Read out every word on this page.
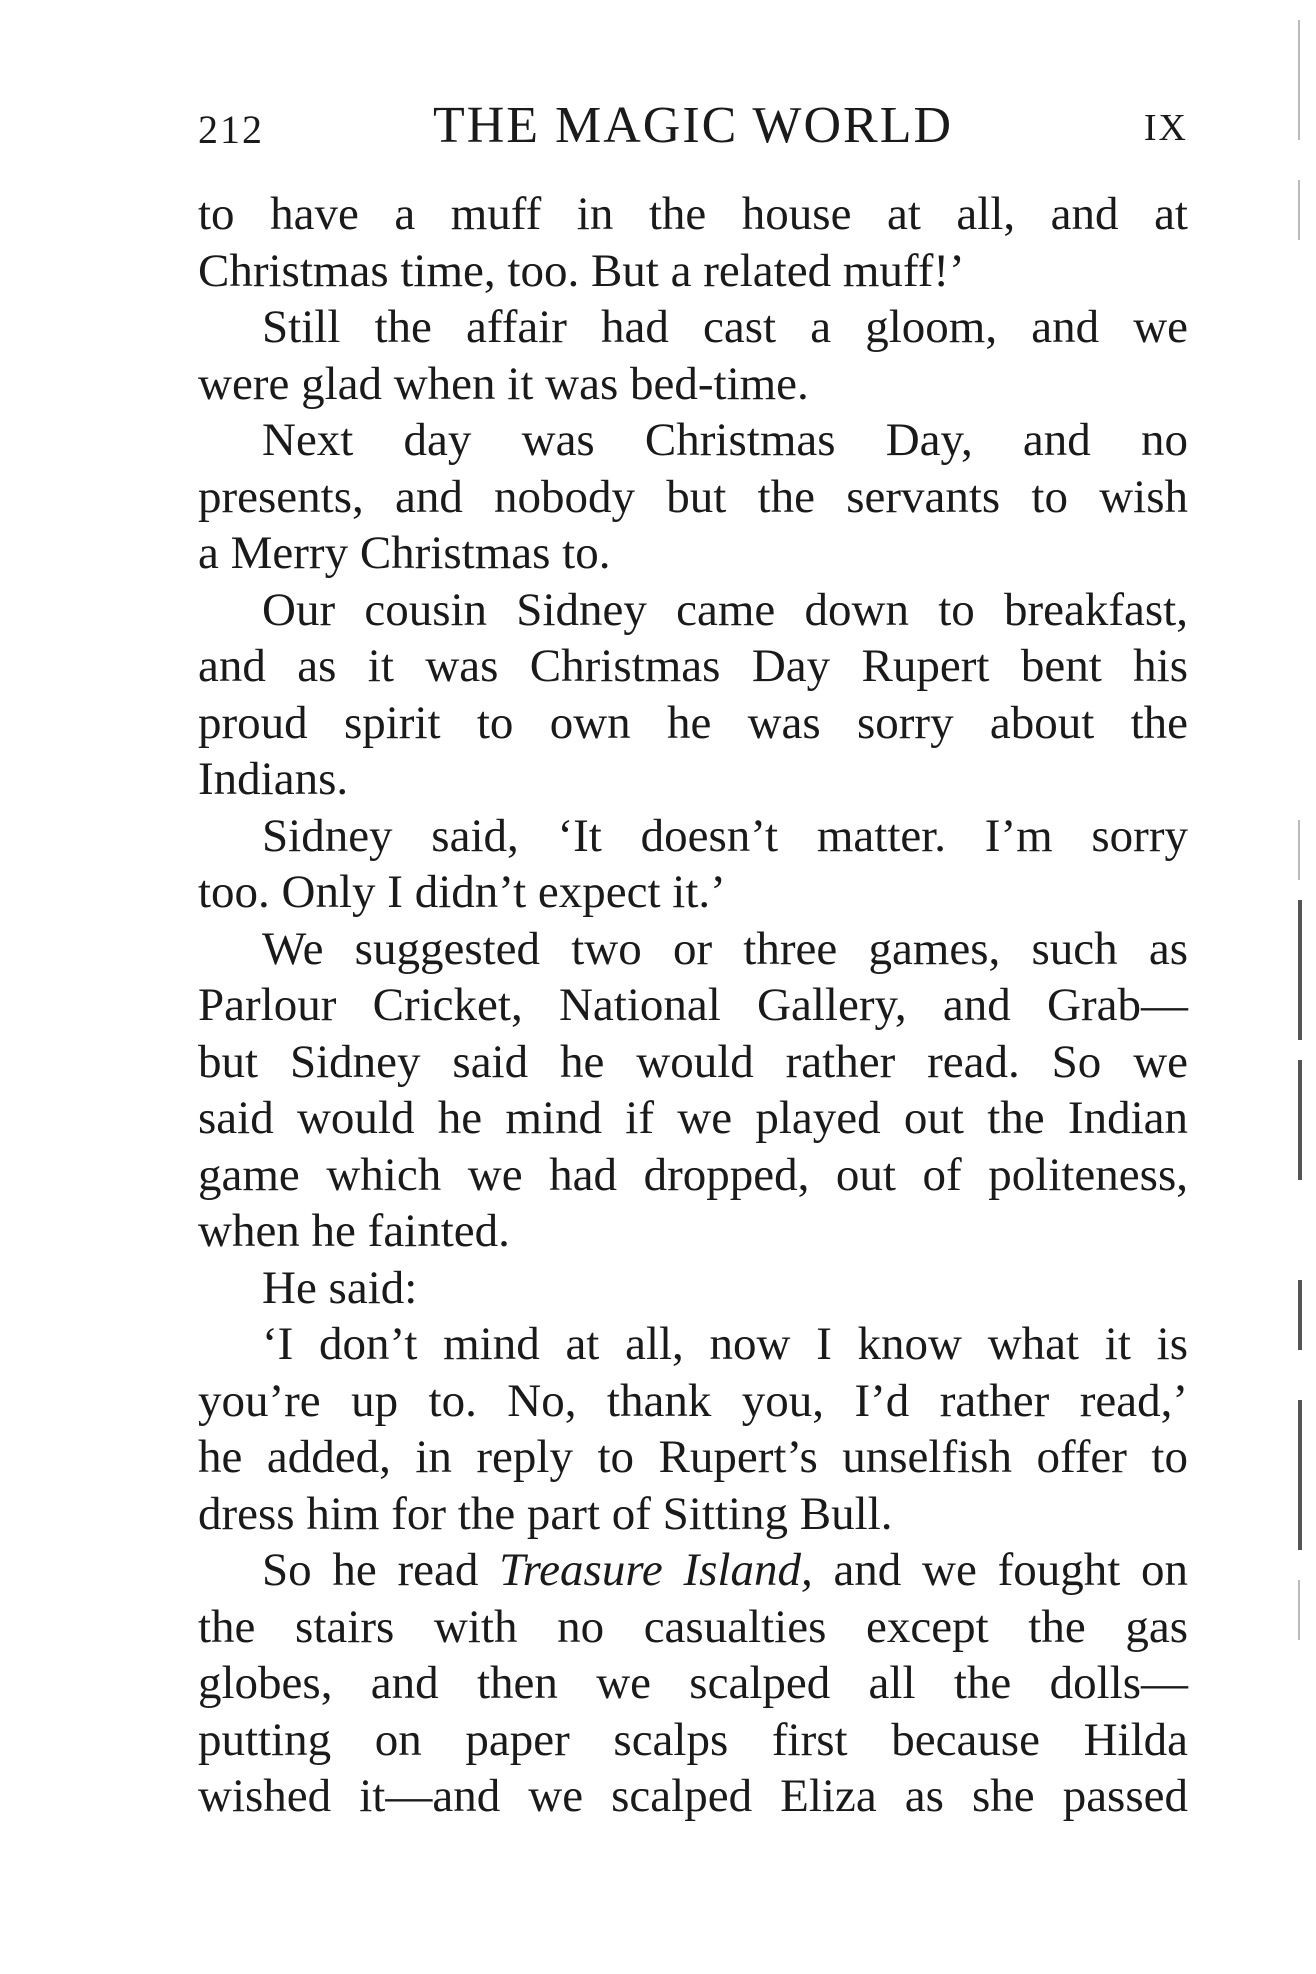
212	THE MAGIC WORLD	IX
to have a muff in the house at all, and at
Christmas time, too. But a related muff!’
Still the affair had cast a gloom, and we
were glad when it was bed-time.
Next day was Christmas Day, and no
presents, and nobody but the servants to wish
a Merry Christmas to.
Our cousin Sidney came down to breakfast,
and as it was Christmas Day Rupert bent his
proud spirit to own he was sorry about the
Indians.
Sidney said, ‘It doesn’t matter. I’m sorry
too. Only I didn’t expect it.’
We suggested two or three games, such as
Parlour Cricket, National Gallery, and Grab—
but Sidney said he would rather read. So we
said would he mind if we played out the Indian
game which we had dropped, out of politeness,
when he fainted.
He said:
‘I don’t mind at all, now I know what it is
you’re up to. No, thank you, I’d rather read,’
he added, in reply to Rupert’s unselfish offer to
dress him for the part of Sitting Bull.
So he read Treasure Island, and we fought on
the stairs with no casualties except the gas
globes, and then we scalped all the dolls—
putting on paper scalps first because Hilda
wished it—and we scalped Eliza as she passed
